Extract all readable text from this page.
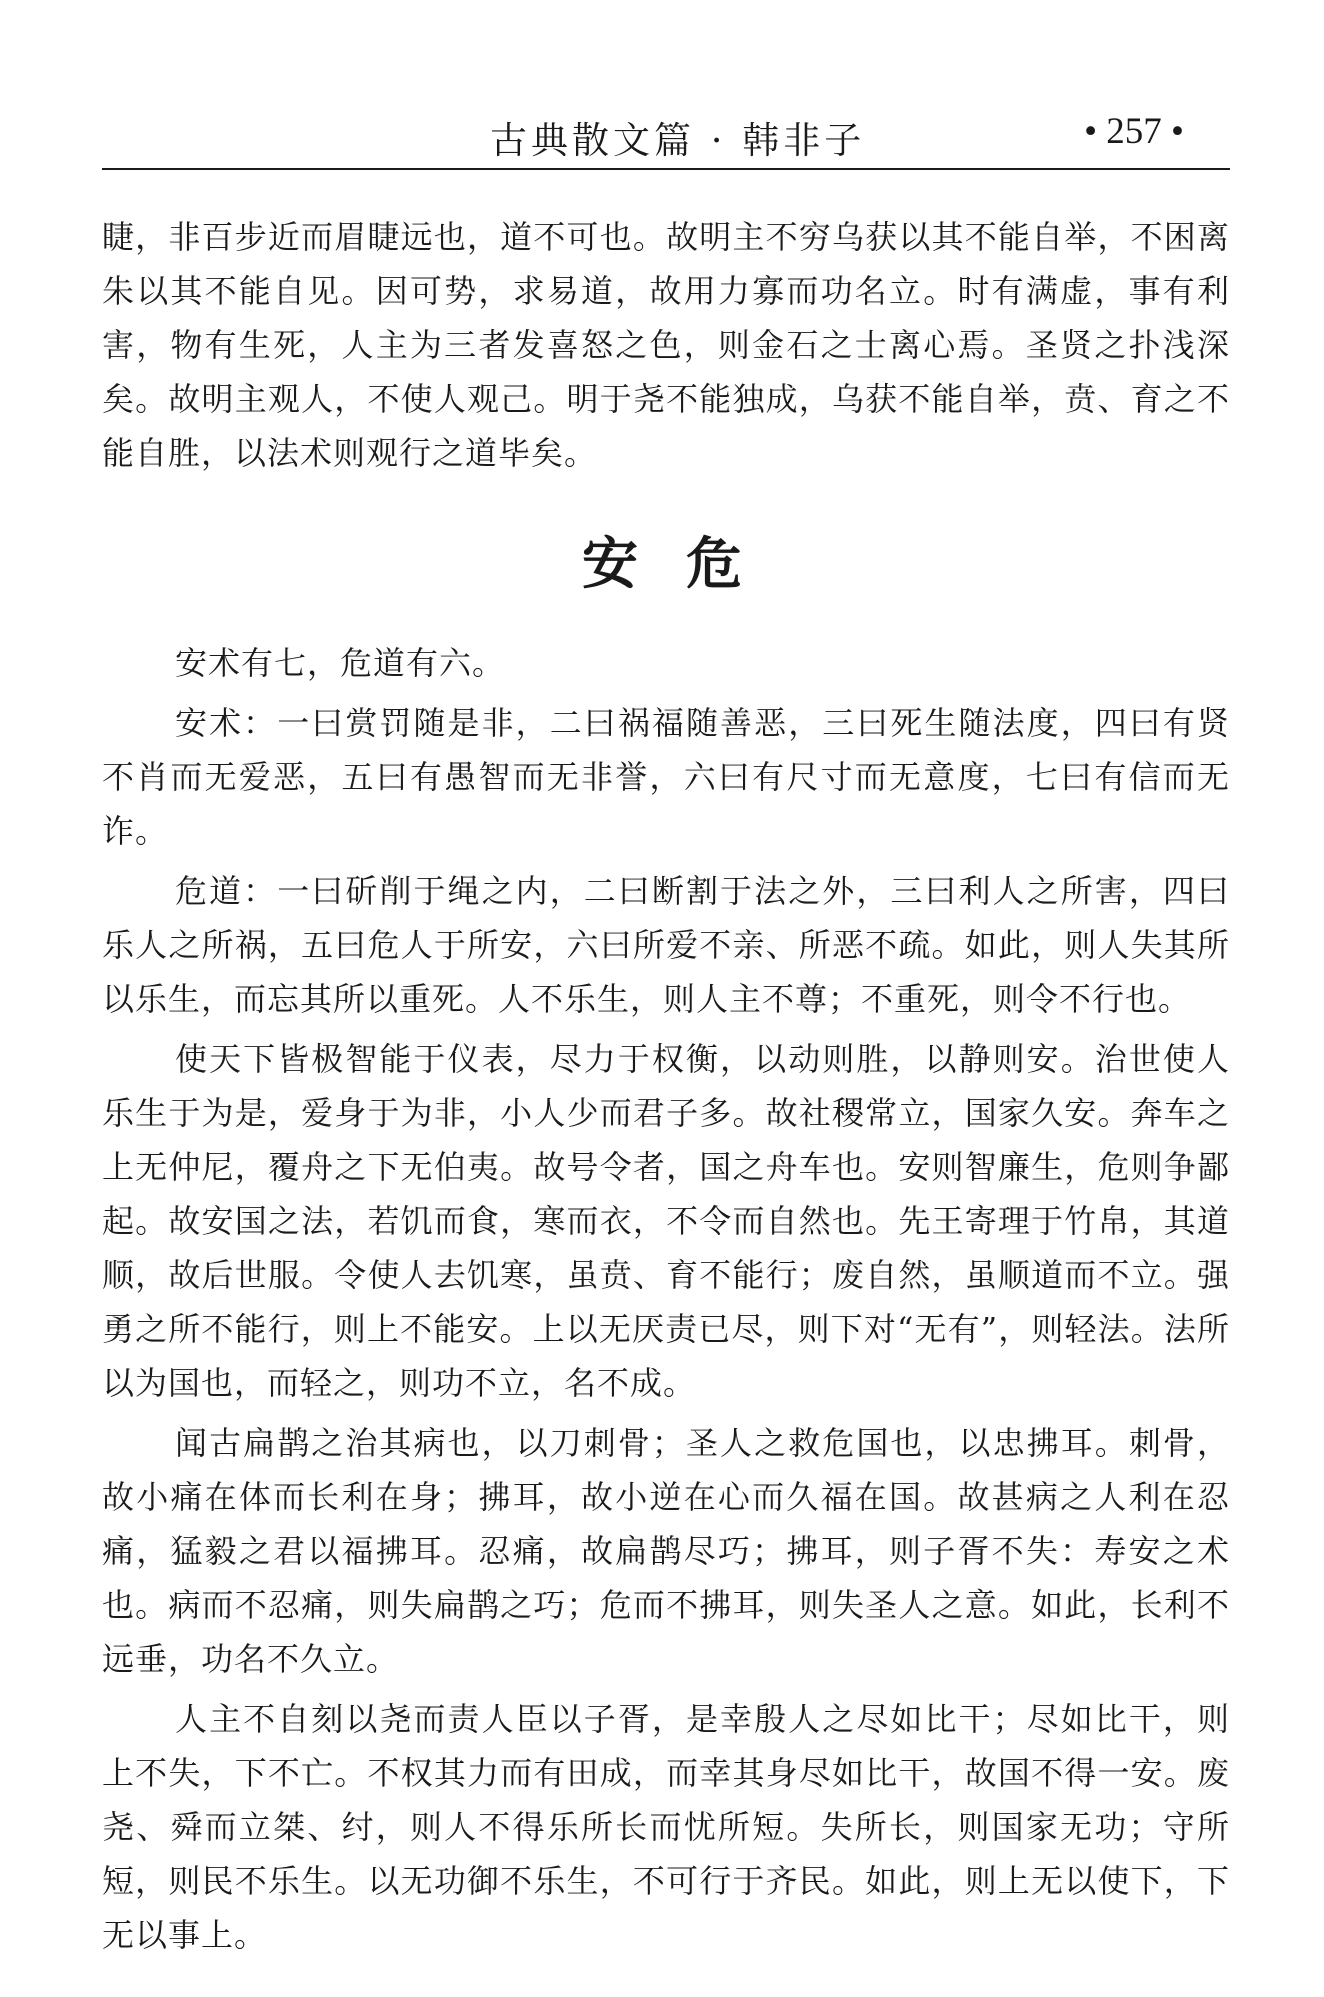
古典散文篇 · 韩非子	• 257 •

睫，非百步近而眉睫远也，道不可也。故明主不穷乌获以其不能自举，不困离朱以其不能自见。因可势，求易道，故用力寡而功名立。时有满虚，事有利害，物有生死，人主为三者发喜怒之色，则金石之士离心焉。圣贤之扑浅深矣。故明主观人，不使人观己。明于尧不能独成，乌获不能自举，贲、育之不能自胜，以法术则观行之道毕矣。

安危

安术有七，危道有六。

安术：一曰赏罚随是非，二曰祸福随善恶，三曰死生随法度，四曰有贤不肖而无爱恶，五曰有愚智而无非誉，六曰有尺寸而无意度，七曰有信而无诈。

危道：一曰斫削于绳之内，二曰断割于法之外，三曰利人之所害，四曰乐人之所祸，五曰危人于所安，六曰所爱不亲、所恶不疏。如此，则人失其所以乐生，而忘其所以重死。人不乐生，则人主不尊；不重死，则令不行也。

使天下皆极智能于仪表，尽力于权衡，以动则胜，以静则安。治世使人乐生于为是，爱身于为非，小人少而君子多。故社稷常立，国家久安。奔车之上无仲尼，覆舟之下无伯夷。故号令者，国之舟车也。安则智廉生，危则争鄙起。故安国之法，若饥而食，寒而衣，不令而自然也。先王寄理于竹帛，其道顺，故后世服。令使人去饥寒，虽贲、育不能行；废自然，虽顺道而不立。强勇之所不能行，则上不能安。上以无厌责已尽，则下对“无有”，则轻法。法所以为国也，而轻之，则功不立，名不成。

闻古扁鹊之治其病也，以刀刺骨；圣人之救危国也，以忠拂耳。刺骨，故小痛在体而长利在身；拂耳，故小逆在心而久福在国。故甚病之人利在忍痛，猛毅之君以福拂耳。忍痛，故扁鹊尽巧；拂耳，则子胥不失：寿安之术也。病而不忍痛，则失扁鹊之巧；危而不拂耳，则失圣人之意。如此，长利不远垂，功名不久立。

人主不自刻以尧而责人臣以子胥，是幸殷人之尽如比干；尽如比干，则上不失，下不亡。不权其力而有田成，而幸其身尽如比干，故国不得一安。废尧、舜而立桀、纣，则人不得乐所长而忧所短。失所长，则国家无功；守所短，则民不乐生。以无功御不乐生，不可行于齐民。如此，则上无以使下，下无以事上。
